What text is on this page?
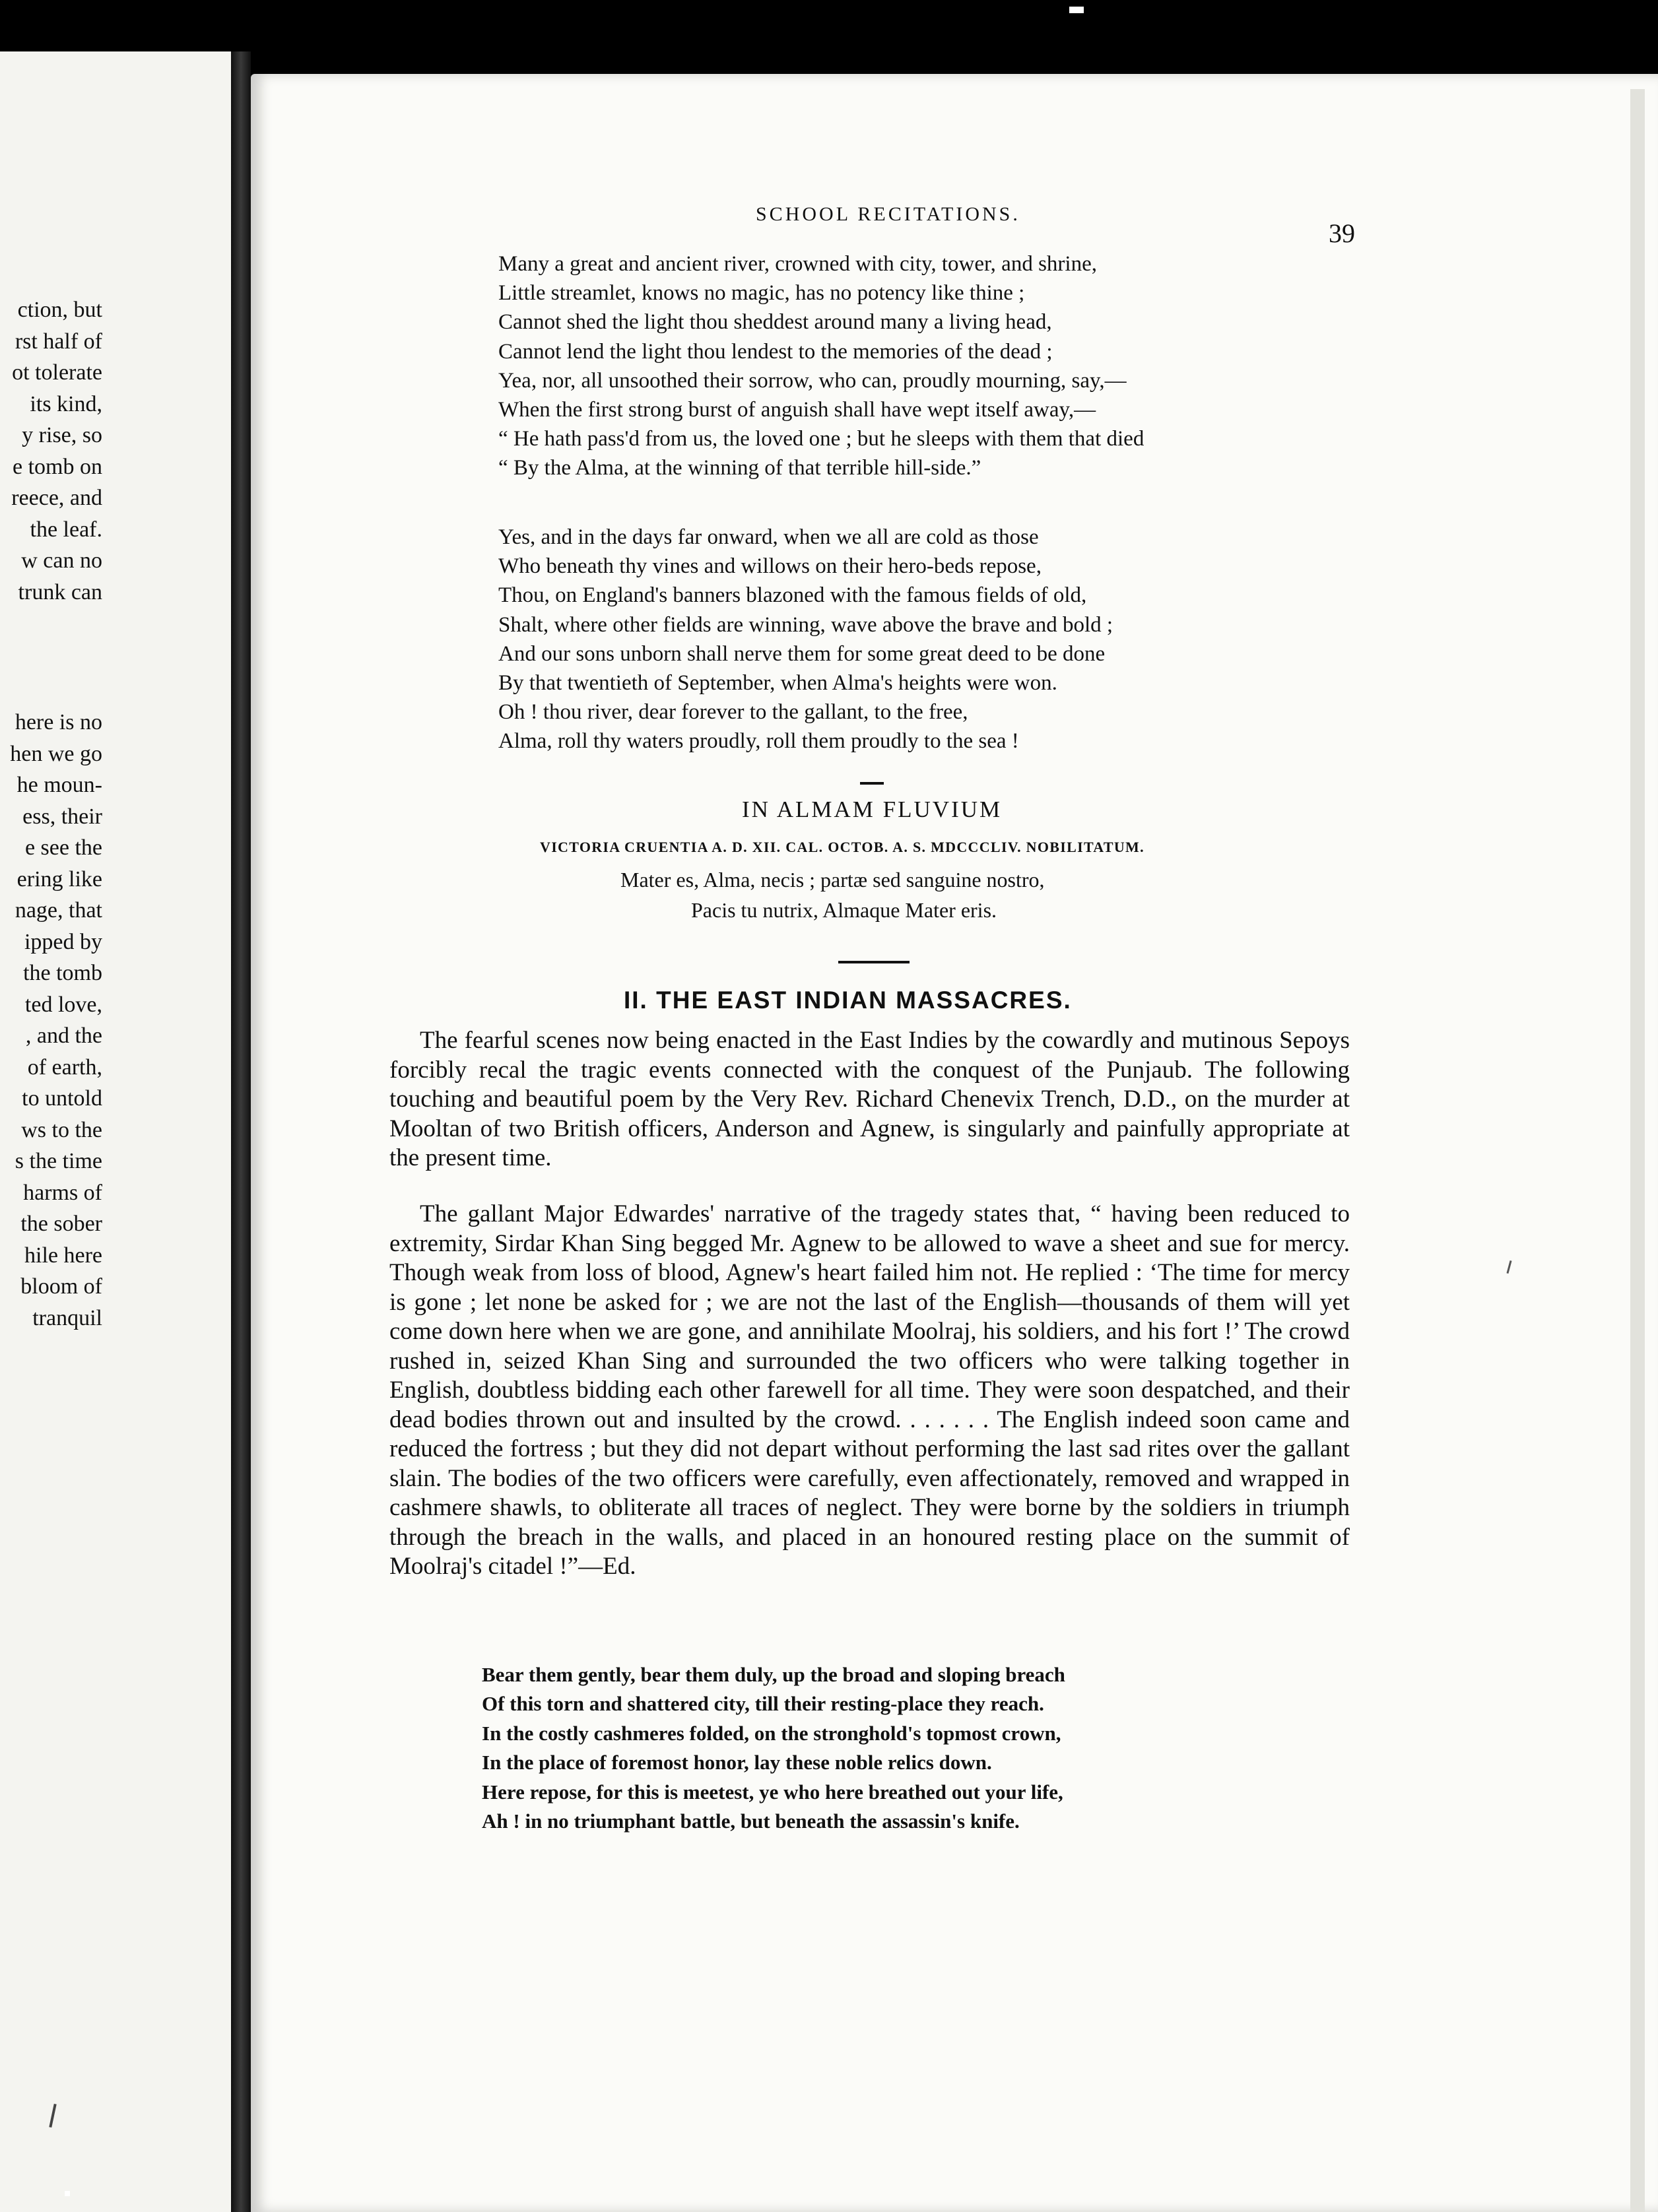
ction, but
rst half of
ot tolerate
its kind,
y rise, so
e tomb on
reece, and
the leaf.
w can no
trunk can
here is no
hen we go
he moun-
ess, their
e see the
ering like
nage, that
ipped by
the tomb
ted love,
, and the
of earth,
to untold
ws to the
s the time
harms of
the sober
hile here
bloom of
tranquil
SCHOOL RECITATIONS.
39
Many a great and ancient river, crowned with city, tower, and shrine,
Little streamlet, knows no magic, has no potency like thine ;
Cannot shed the light thou sheddest around many a living head,
Cannot lend the light thou lendest to the memories of the dead ;
Yea, nor, all unsoothed their sorrow, who can, proudly mourning, say,—
When the first strong burst of anguish shall have wept itself away,—
“ He hath pass'd from us, the loved one ; but he sleeps with them that died
“ By the Alma, at the winning of that terrible hill-side.”
Yes, and in the days far onward, when we all are cold as those
Who beneath thy vines and willows on their hero-beds repose,
Thou, on England's banners blazoned with the famous fields of old,
Shalt, where other fields are winning, wave above the brave and bold ;
And our sons unborn shall nerve them for some great deed to be done
By that twentieth of September, when Alma's heights were won.
Oh ! thou river, dear forever to the gallant, to the free,
Alma, roll thy waters proudly, roll them proudly to the sea !
IN ALMAM FLUVIUM
VICTORIA CRUENTIA A. D. XII. CAL. OCTOB. A. S. MDCCCLIV. NOBILITATUM.
Mater es, Alma, necis ; partæ sed sanguine nostro,
Pacis tu nutrix, Almaque Mater eris.
II. THE EAST INDIAN MASSACRES.

The fearful scenes now being enacted in the East Indies by the cowardly and mutinous Sepoys forcibly recal the tragic events connected with the conquest of the Punjaub. The following touching and beautiful poem by the Very Rev. Richard Chenevix Trench, D.D., on the murder at Mooltan of two British officers, Anderson and Agnew, is singularly and painfully appropriate at the present time.

The gallant Major Edwardes' narrative of the tragedy states that, “ having been reduced to extremity, Sirdar Khan Sing begged Mr. Agnew to be allowed to wave a sheet and sue for mercy. Though weak from loss of blood, Agnew's heart failed him not. He replied : ‘The time for mercy is gone ; let none be asked for ; we are not the last of the English—thousands of them will yet come down here when we are gone, and annihilate Moolraj, his soldiers, and his fort !’ The crowd rushed in, seized Khan Sing and surrounded the two officers who were talking together in English, doubtless bidding each other farewell for all time. They were soon despatched, and their dead bodies thrown out and insulted by the crowd. . . . . . . The English indeed soon came and reduced the fortress ; but they did not depart without performing the last sad rites over the gallant slain. The bodies of the two officers were carefully, even affectionately, removed and wrapped in cashmere shawls, to obliterate all traces of neglect. They were borne by the soldiers in triumph through the breach in the walls, and placed in an honoured resting place on the summit of Moolraj's citadel !”—Ed.

Bear them gently, bear them duly, up the broad and sloping breach
Of this torn and shattered city, till their resting-place they reach.
In the costly cashmeres folded, on the stronghold's topmost crown,
In the place of foremost honor, lay these noble relics down.
Here repose, for this is meetest, ye who here breathed out your life,
Ah ! in no triumphant battle, but beneath the assassin's knife.
